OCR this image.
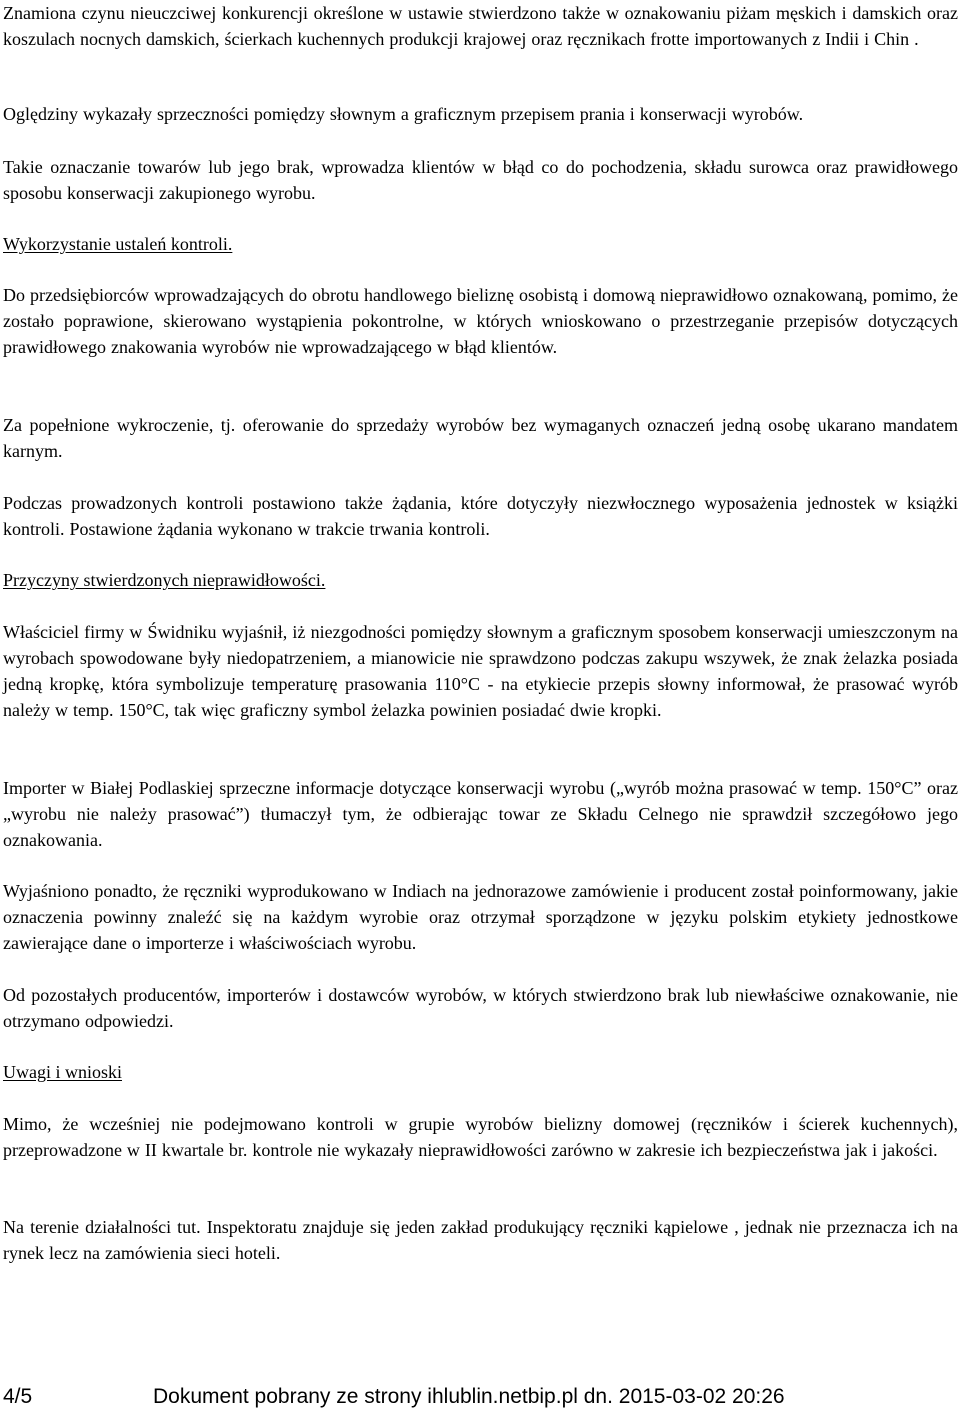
Znamiona czynu nieuczciwej konkurencji określone w ustawie stwierdzono także w oznakowaniu piżam męskich i damskich oraz koszulach nocnych damskich, ścierkach kuchennych produkcji krajowej oraz ręcznikach frotte importowanych z Indii i Chin .

Oględziny wykazały sprzeczności pomiędzy słownym a graficznym przepisem prania i konserwacji wyrobów.

Takie oznaczanie towarów lub jego brak, wprowadza klientów w błąd co do pochodzenia, składu surowca oraz prawidłowego sposobu konserwacji zakupionego wyrobu.

Wykorzystanie ustaleń kontroli.

Do przedsiębiorców wprowadzających do obrotu handlowego bieliznę osobistą i domową nieprawidłowo oznakowaną, pomimo, że zostało poprawione, skierowano wystąpienia pokontrolne, w których wnioskowano o przestrzeganie przepisów dotyczących prawidłowego znakowania wyrobów nie wprowadzającego w błąd klientów.

Za popełnione wykroczenie, tj. oferowanie do sprzedaży wyrobów bez wymaganych oznaczeń jedną osobę ukarano mandatem karnym.

Podczas prowadzonych kontroli postawiono także żądania, które dotyczyły niezwłocznego wyposażenia jednostek w książki kontroli. Postawione żądania wykonano w trakcie trwania kontroli.

Przyczyny stwierdzonych nieprawidłowości.

Właściciel firmy w Świdniku wyjaśnił, iż niezgodności pomiędzy słownym a graficznym sposobem konserwacji umieszczonym na wyrobach spowodowane były niedopatrzeniem, a mianowicie nie sprawdzono podczas zakupu wszywek, że znak żelazka posiada jedną kropkę, która symbolizuje temperaturę prasowania 110°C - na etykiecie przepis słowny informował, że prasować wyrób należy w temp. 150°C, tak więc graficzny symbol żelazka powinien posiadać dwie kropki.

Importer w Białej Podlaskiej sprzeczne informacje dotyczące konserwacji wyrobu („wyrób można prasować w temp. 150°C” oraz „wyrobu nie należy prasować”) tłumaczył tym, że odbierając towar ze Składu Celnego nie sprawdził szczegółowo jego oznakowania.

Wyjaśniono ponadto, że ręczniki wyprodukowano w Indiach na jednorazowe zamówienie i producent został poinformowany, jakie oznaczenia powinny znaleźć się na każdym wyrobie oraz otrzymał sporządzone w języku polskim etykiety jednostkowe zawierające dane o importerze i właściwościach wyrobu.

Od pozostałych producentów, importerów i dostawców wyrobów, w których stwierdzono brak lub niewłaściwe oznakowanie, nie otrzymano odpowiedzi.

Uwagi i wnioski

Mimo, że wcześniej nie podejmowano kontroli w grupie wyrobów bielizny domowej (ręczników i ścierek kuchennych), przeprowadzone w II kwartale br. kontrole nie wykazały nieprawidłowości zarówno w zakresie ich bezpieczeństwa jak i jakości.

Na terenie działalności tut. Inspektoratu znajduje się jeden zakład produkujący ręczniki kąpielowe , jednak nie przeznacza ich na rynek lecz na zamówienia sieci hoteli.

4/5	Dokument pobrany ze strony ihlublin.netbip.pl dn. 2015-03-02 20:26
